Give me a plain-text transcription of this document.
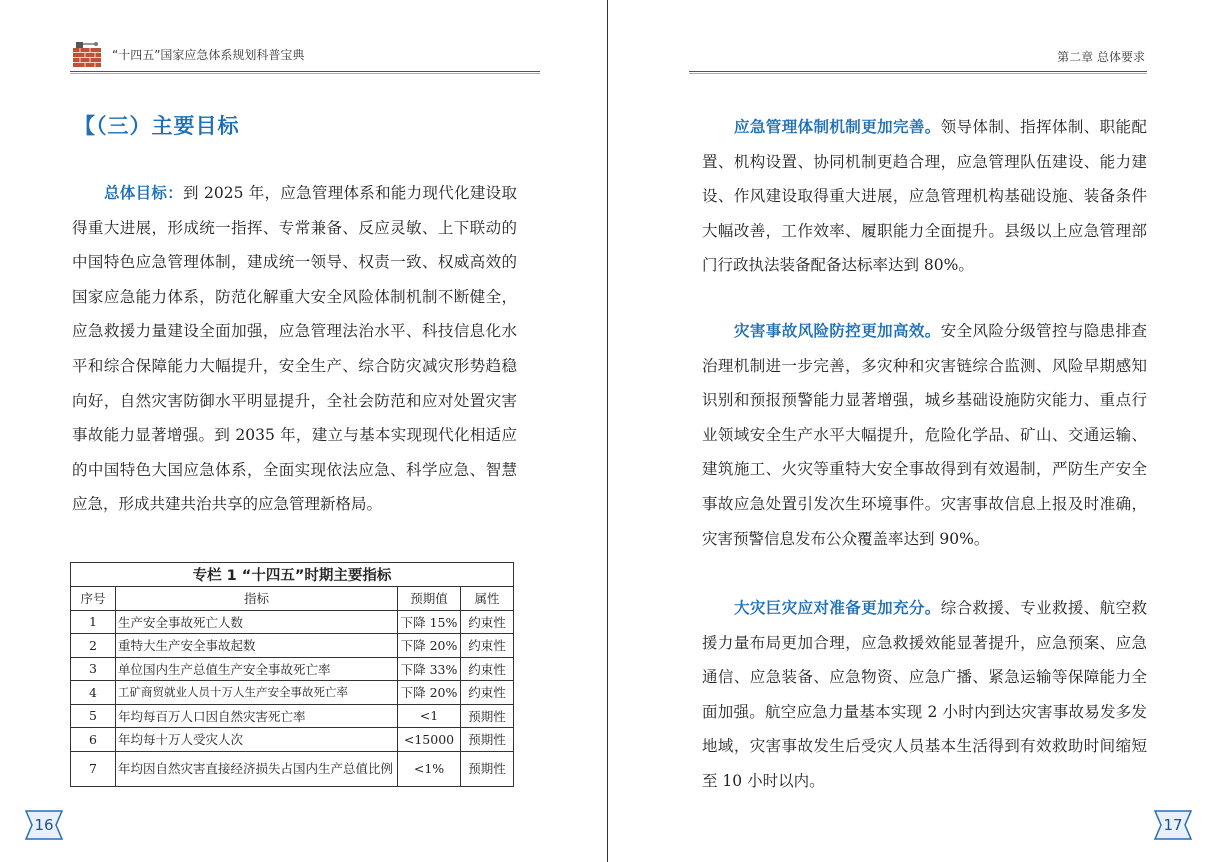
“十四五”国家应急体系规划科普宝典
【（三）主要目标
总体目标：到 2025 年，应急管理体系和能力现代化建设取得重大进展，形成统一指挥、专常兼备、反应灵敏、上下联动的中国特色应急管理体制，建成统一领导、权责一致、权威高效的国家应急能力体系，防范化解重大安全风险体制机制不断健全，应急救援力量建设全面加强，应急管理法治水平、科技信息化水平和综合保障能力大幅提升，安全生产、综合防灾减灾形势趋稳向好，自然灾害防御水平明显提升，全社会防范和应对处置灾害事故能力显著增强。到 2035 年，建立与基本实现现代化相适应的中国特色大国应急体系，全面实现依法应急、科学应急、智慧应急，形成共建共治共享的应急管理新格局。
专栏 1 “十四五”时期主要指标			
序号	指标	预期值	属性
1	生产安全事故死亡人数	下降 15%	约束性
2	重特大生产安全事故起数	下降 20%	约束性
3	单位国内生产总值生产安全事故死亡率	下降 33%	约束性
4	工矿商贸就业人员十万人生产安全事故死亡率	下降 20%	约束性
5	年均每百万人口因自然灾害死亡率	<1	预期性
6	年均每十万人受灾人次	<15000	预期性
7	年均因自然灾害直接经济损失占国内生产总值比例	<1%	预期性
16
第二章 总体要求
应急管理体制机制更加完善。领导体制、指挥体制、职能配置、机构设置、协同机制更趋合理，应急管理队伍建设、能力建设、作风建设取得重大进展，应急管理机构基础设施、装备条件大幅改善，工作效率、履职能力全面提升。县级以上应急管理部门行政执法装备配备达标率达到 80%。
灾害事故风险防控更加高效。安全风险分级管控与隐患排查治理机制进一步完善，多灾种和灾害链综合监测、风险早期感知识别和预报预警能力显著增强，城乡基础设施防灾能力、重点行业领域安全生产水平大幅提升，危险化学品、矿山、交通运输、建筑施工、火灾等重特大安全事故得到有效遏制，严防生产安全事故应急处置引发次生环境事件。灾害事故信息上报及时准确，灾害预警信息发布公众覆盖率达到 90%。
大灾巨灾应对准备更加充分。综合救援、专业救援、航空救援力量布局更加合理，应急救援效能显著提升，应急预案、应急通信、应急装备、应急物资、应急广播、紧急运输等保障能力全面加强。航空应急力量基本实现 2 小时内到达灾害事故易发多发地域，灾害事故发生后受灾人员基本生活得到有效救助时间缩短至 10 小时以内。
17
